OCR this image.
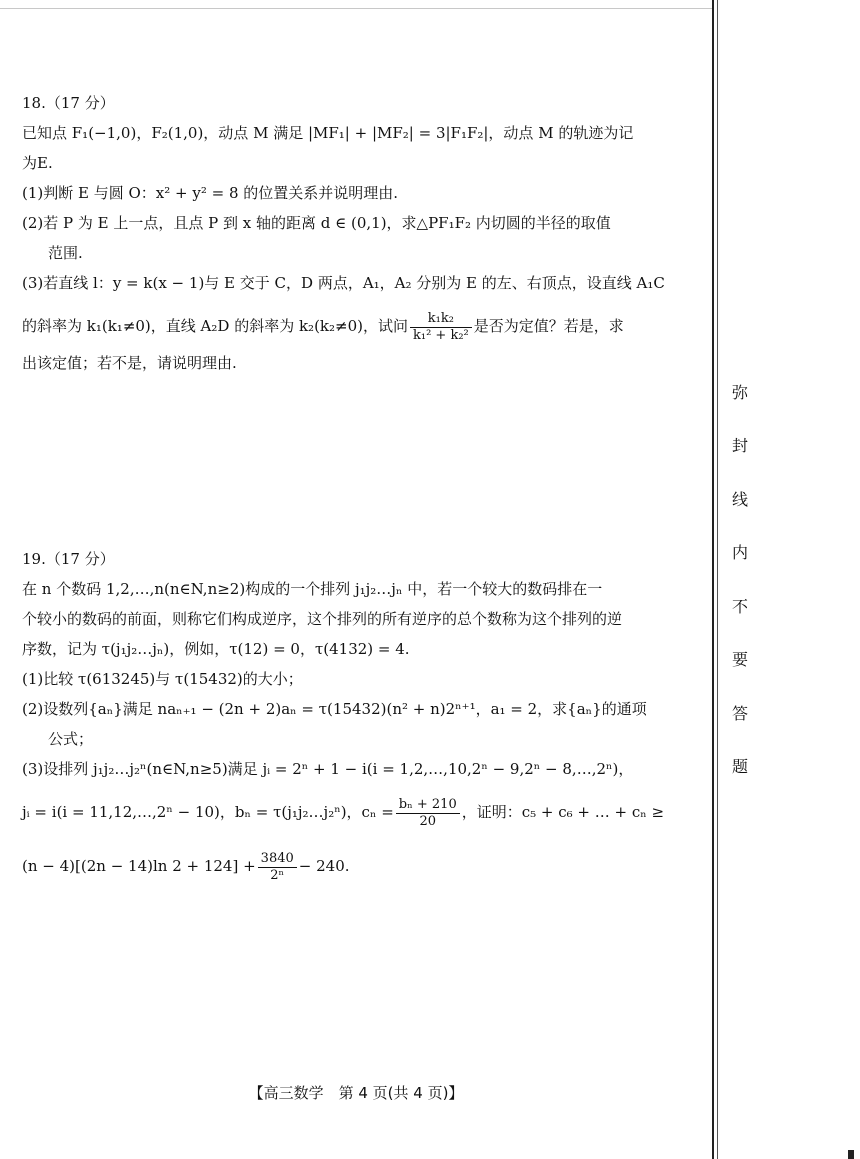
弥
封
线
内
不
要
答
题

18.（17 分）

已知点 F₁(−1,0)，F₂(1,0)，动点 M 满足 |MF₁| + |MF₂| = 3|F₁F₂|，动点 M 的轨迹为记

为E.

(1)判断 E 与圆 O：x² + y² = 8 的位置关系并说明理由.

(2)若 P 为 E 上一点，且点 P 到 x 轴的距离 d ∈ (0,1)，求△PF₁F₂ 内切圆的半径的取值

范围.

(3)若直线 l：y = k(x − 1)与 E 交于 C，D 两点，A₁，A₂ 分别为 E 的左、右顶点，设直线 A₁C

的斜率为 k₁(k₁≠0)，直线 A₂D 的斜率为 k₂(k₂≠0)，试问 $\frac{\text{k₁k₂}}{\text{k₁² + k₂²}}$ 是否为定值？若是，求

出该定值；若不是，请说明理由.

19.（17 分）

在 n 个数码 1,2,…,n(n∈N,n≥2)构成的一个排列 j₁j₂…jₙ 中，若一个较大的数码排在一

个较小的数码的前面，则称它们构成逆序，这个排列的所有逆序的总个数称为这个排列的逆

序数，记为 τ(j₁j₂…jₙ)，例如，τ(12) = 0，τ(4132) = 4.

(1)比较 τ(613245)与 τ(15432)的大小；

(2)设数列{aₙ}满足 naₙ₊₁ − (2n + 2)aₙ = τ(15432)(n² + n)2ⁿ⁺¹，a₁ = 2，求{aₙ}的通项

公式；

(3)设排列 j₁j₂…j₂ⁿ(n∈N,n≥5)满足 jᵢ = 2ⁿ + 1 − i(i = 1,2,…,10,2ⁿ − 9,2ⁿ − 8,…,2ⁿ)，

jᵢ = i(i = 11,12,…,2ⁿ − 10)，bₙ = τ(j₁j₂…j₂ⁿ)，$c_n = \frac{\text{bₙ + 210}}{20}$ ，证明：c₅ + c₆ + … + cₙ ≥

(n − 4)[(2n − 14)ln $2 + 124] + \frac{3840}{\text{2ⁿ}} - 240$.

【高三数学　第 4 页(共 4 页)】
